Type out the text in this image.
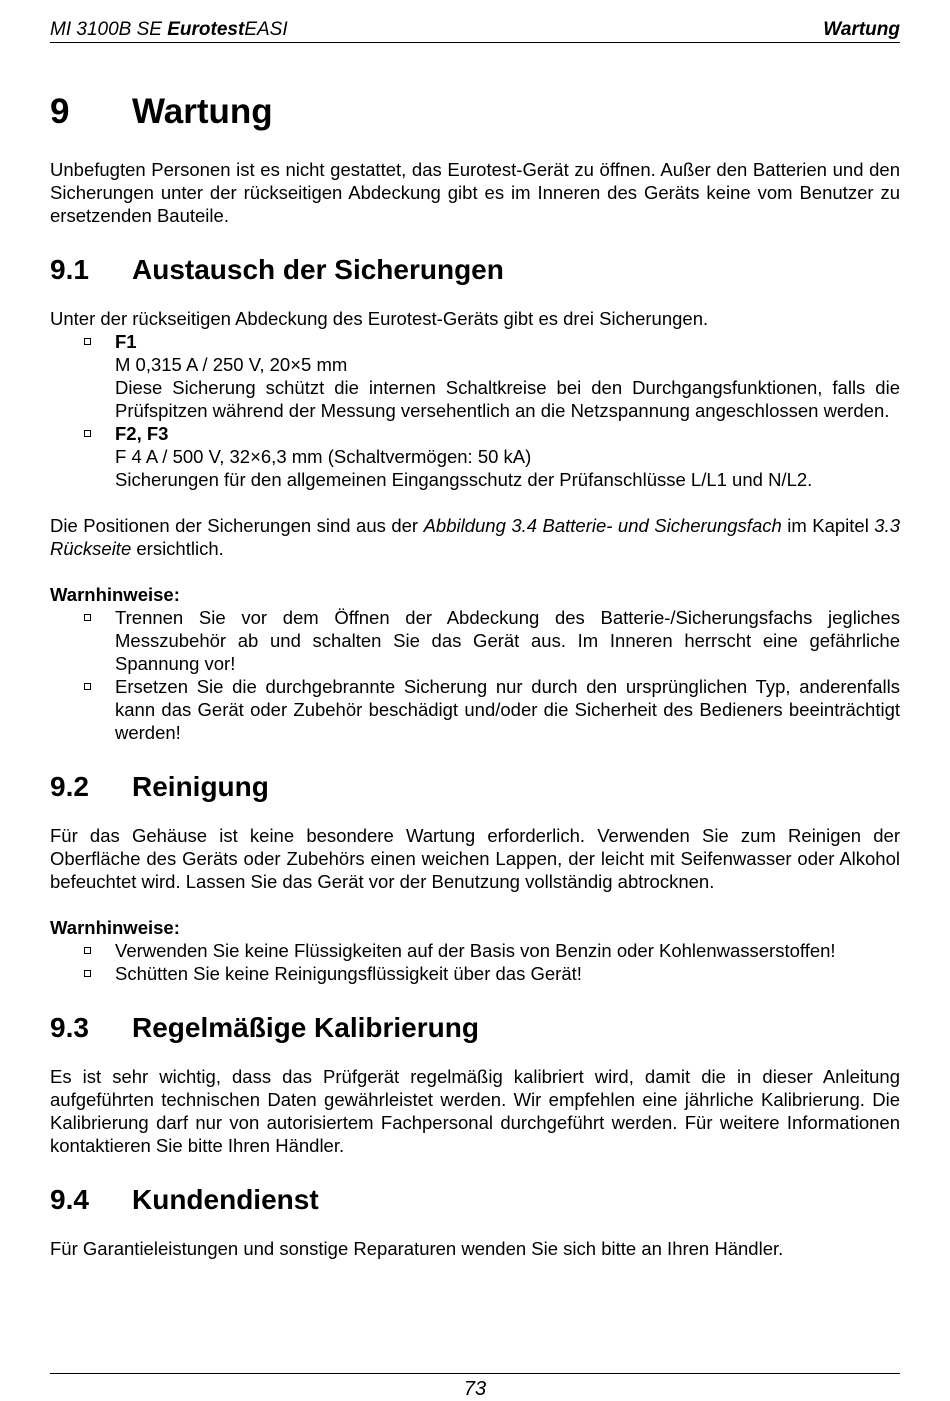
MI 3100B SE EurotestEASI	Wartung
9	Wartung

Unbefugten Personen ist es nicht gestattet, das Eurotest-Gerät zu öffnen. Außer den Batterien und den Sicherungen unter der rückseitigen Abdeckung gibt es im Inneren des Geräts keine vom Benutzer zu ersetzenden Bauteile.

9.1	Austausch der Sicherungen

Unter der rückseitigen Abdeckung des Eurotest-Geräts gibt es drei Sicherungen.

F1
M 0,315 A / 250 V, 20×5 mm
Diese Sicherung schützt die internen Schaltkreise bei den Durchgangsfunktionen, falls die Prüfspitzen während der Messung versehentlich an die Netzspannung angeschlossen werden.
F2, F3
F 4 A / 500 V, 32×6,3 mm (Schaltvermögen: 50 kA)
Sicherungen für den allgemeinen Eingangsschutz der Prüfanschlüsse L/L1 und N/L2.

Die Positionen der Sicherungen sind aus der Abbildung 3.4 Batterie- und Sicherungsfach im Kapitel 3.3 Rückseite ersichtlich.

Warnhinweise:

Trennen Sie vor dem Öffnen der Abdeckung des Batterie-/Sicherungsfachs jegliches Messzubehör ab und schalten Sie das Gerät aus. Im Inneren herrscht eine gefährliche Spannung vor!
Ersetzen Sie die durchgebrannte Sicherung nur durch den ursprünglichen Typ, anderenfalls kann das Gerät oder Zubehör beschädigt und/oder die Sicherheit des Bedieners beeinträchtigt werden!
9.2	Reinigung

Für das Gehäuse ist keine besondere Wartung erforderlich. Verwenden Sie zum Reinigen der Oberfläche des Geräts oder Zubehörs einen weichen Lappen, der leicht mit Seifenwasser oder Alkohol befeuchtet wird. Lassen Sie das Gerät vor der Benutzung vollständig abtrocknen.

Warnhinweise:

Verwenden Sie keine Flüssigkeiten auf der Basis von Benzin oder Kohlenwasserstoffen!
Schütten Sie keine Reinigungsflüssigkeit über das Gerät!
9.3	Regelmäßige Kalibrierung

Es ist sehr wichtig, dass das Prüfgerät regelmäßig kalibriert wird, damit die in dieser Anleitung aufgeführten technischen Daten gewährleistet werden. Wir empfehlen eine jährliche Kalibrierung. Die Kalibrierung darf nur von autorisiertem Fachpersonal durchgeführt werden. Für weitere Informationen kontaktieren Sie bitte Ihren Händler.

9.4	Kundendienst

Für Garantieleistungen und sonstige Reparaturen wenden Sie sich bitte an Ihren Händler.

73
